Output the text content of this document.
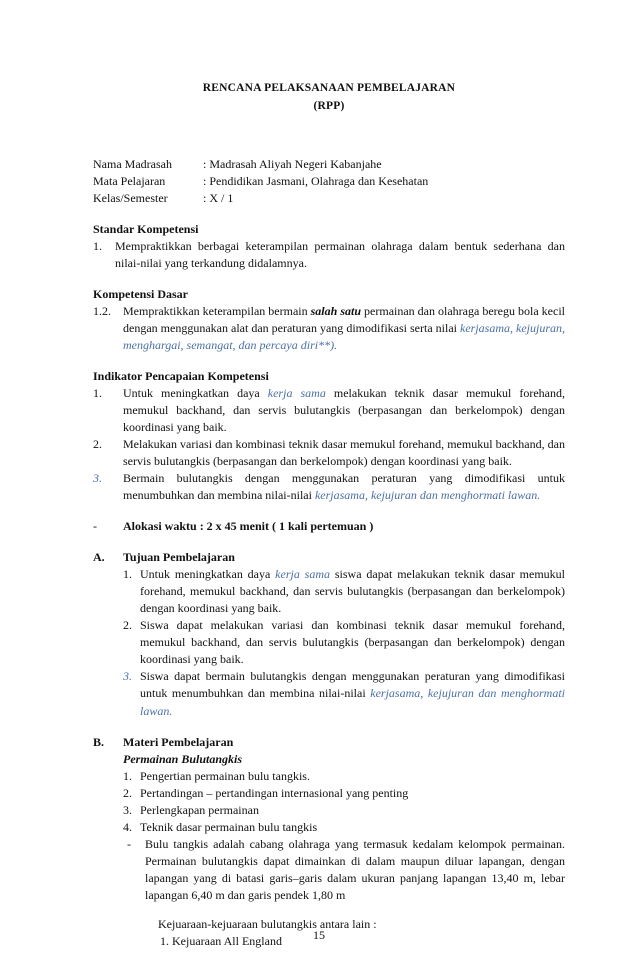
RENCANA PELAKSANAAN PEMBELAJARAN
(RPP)
Nama Madrasah	: Madrasah Aliyah Negeri Kabanjahe
Mata Pelajaran	: Pendidikan Jasmani, Olahraga dan Kesehatan
Kelas/Semester	: X / 1
Standar Kompetensi
1.	Mempraktikkan berbagai keterampilan permainan olahraga dalam bentuk sederhana dan nilai-nilai yang terkandung didalamnya.
Kompetensi Dasar
1.2.	Mempraktikkan keterampilan bermain salah satu permainan dan olahraga beregu bola kecil dengan menggunakan alat dan peraturan yang dimodifikasi serta nilai kerjasama, kejujuran, menghargai, semangat, dan percaya diri**).
Indikator Pencapaian Kompetensi
1.	Untuk meningkatkan daya kerja sama melakukan teknik dasar memukul forehand, memukul backhand, dan servis bulutangkis (berpasangan dan berkelompok) dengan koordinasi yang baik.
2.	Melakukan variasi dan kombinasi teknik dasar memukul forehand, memukul backhand, dan servis bulutangkis (berpasangan dan berkelompok) dengan koordinasi yang baik.
3.	Bermain bulutangkis dengan menggunakan peraturan yang dimodifikasi untuk menumbuhkan dan membina nilai-nilai kerjasama, kejujuran dan menghormati lawan.
-	Alokasi waktu : 2 x 45 menit ( 1 kali pertemuan )
A.	Tujuan Pembelajaran
1. Untuk meningkatkan daya kerja sama siswa dapat melakukan teknik dasar memukul forehand, memukul backhand, dan servis bulutangkis (berpasangan dan berkelompok) dengan koordinasi yang baik.
2. Siswa dapat melakukan variasi dan kombinasi teknik dasar memukul forehand, memukul backhand, dan servis bulutangkis (berpasangan dan berkelompok) dengan koordinasi yang baik.
3. Siswa dapat bermain bulutangkis dengan menggunakan peraturan yang dimodifikasi untuk menumbuhkan dan membina nilai-nilai kerjasama, kejujuran dan menghormati lawan.
B.	Materi Pembelajaran
Permainan Bulutangkis
1. Pengertian permainan bulu tangkis.
2. Pertandingan – pertandingan internasional yang penting
3. Perlengkapan permainan
4. Teknik dasar permainan bulu tangkis
-	Bulu tangkis adalah cabang olahraga yang termasuk kedalam kelompok permainan. Permainan bulutangkis dapat dimainkan di dalam maupun diluar lapangan, dengan lapangan yang di batasi garis–garis dalam ukuran panjang lapangan 13,40 m, lebar lapangan 6,40 m dan garis pendek 1,80 m
Kejuaraan-kejuaraan bulutangkis antara lain :
1. Kejuaraan All England	15
